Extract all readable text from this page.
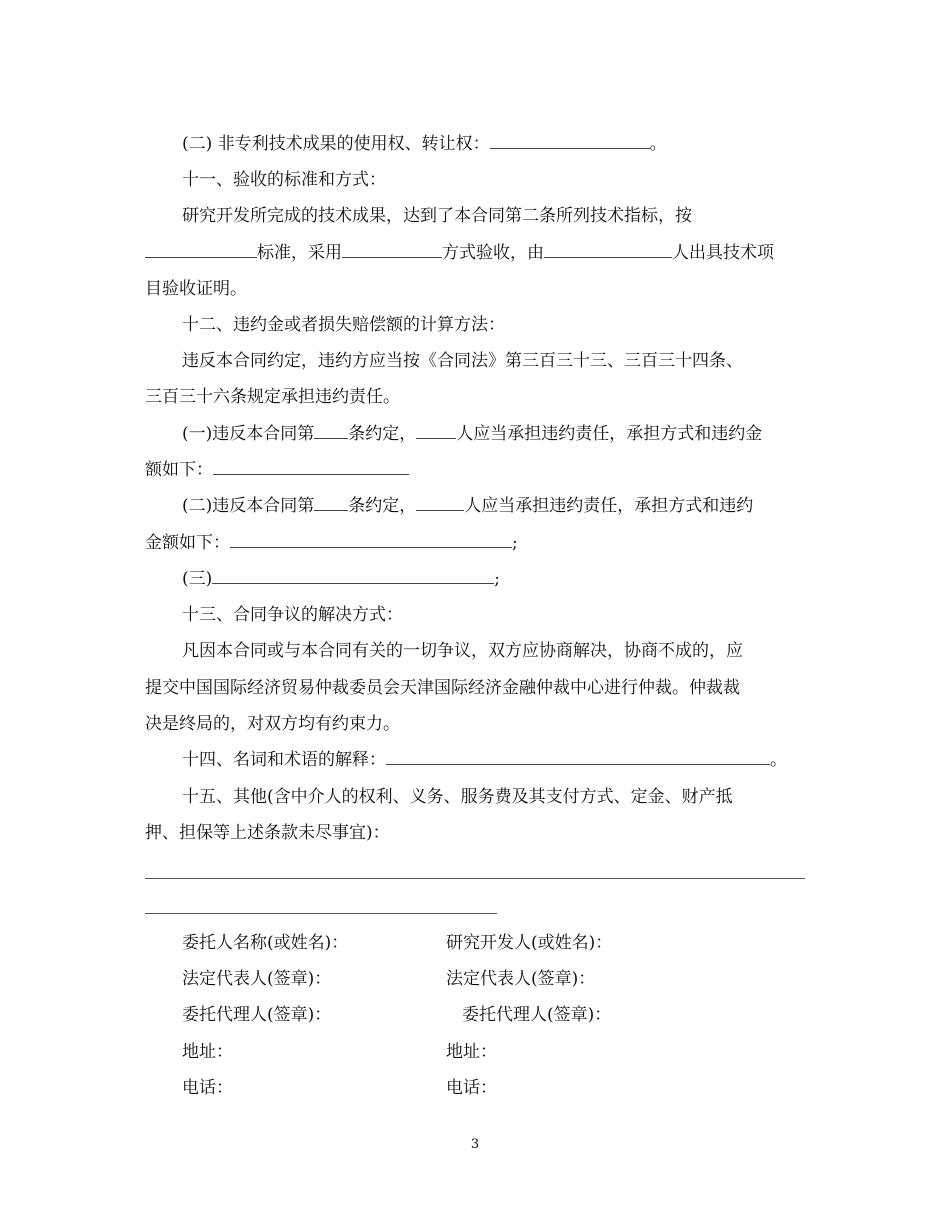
(二) 非专利技术成果的使用权、转让权：	。
十一、验收的标准和方式：
研究开发所完成的技术成果，达到了本合同第二条所列技术指标，按
标准，采用	方式验收，由	人出具技术项
目验收证明。
十二、违约金或者损失赔偿额的计算方法：
违反本合同约定，违约方应当按《合同法》第三百三十三、三百三十四条、
三百三十六条规定承担违约责任。
(一)违反本合同第 条约定， 人应当承担违约责任，承担方式和违约金
额如下：
(二)违反本合同第 条约定，	人应当承担违约责任，承担方式和违约
金额如下：	;
(三)	;
十三、合同争议的解决方式：
凡因本合同或与本合同有关的一切争议，双方应协商解决，协商不成的，应
提交中国国际经济贸易仲裁委员会天津国际经济金融仲裁中心进行仲裁。仲裁裁
决是终局的，对双方均有约束力。
十四、名词和术语的解释：	。
十五、其他(含中介人的权利、义务、服务费及其支付方式、定金、财产抵
押、担保等上述条款未尽事宜)：
委托人名称(或姓名)：	研究开发人(或姓名)：
法定代表人(签章)：	法定代表人(签章)：
委托代理人(签章)：	委托代理人(签章)：
地址：	地址：
电话：	电话：
3
